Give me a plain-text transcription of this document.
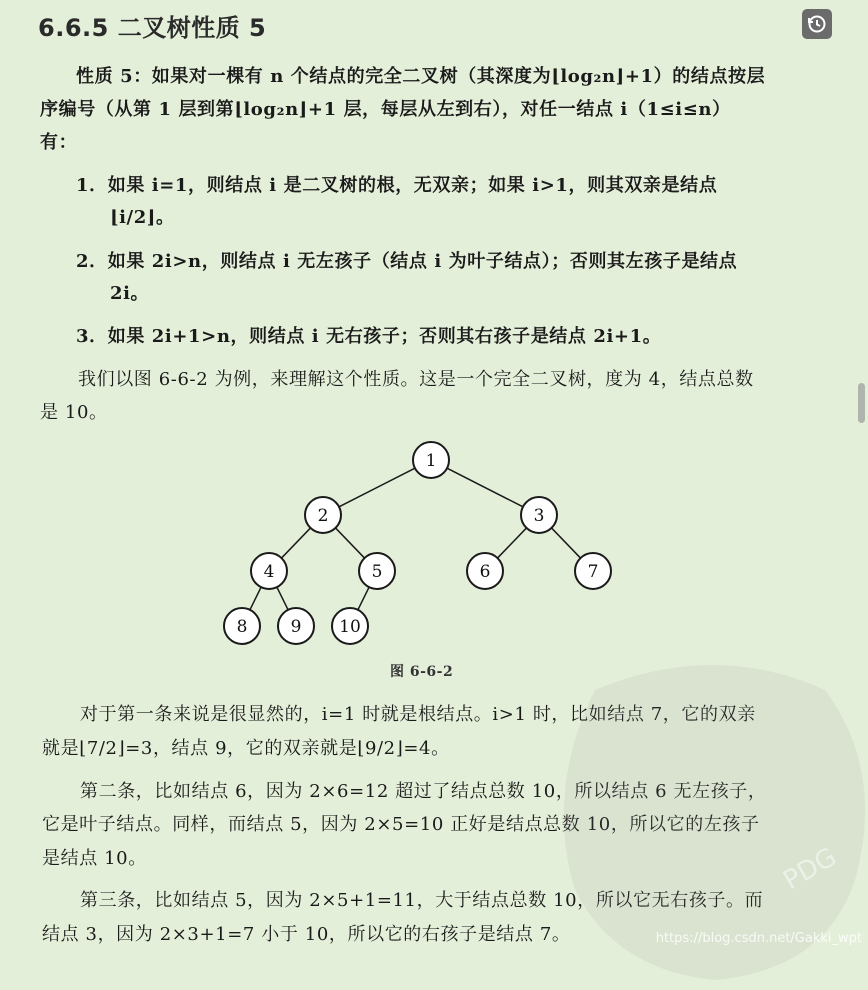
6.6.5 二叉树性质 5
性质 5：如果对一棵有 n 个结点的完全二叉树（其深度为⌊log₂n⌋+1）的结点按层
序编号（从第 1 层到第⌊log₂n⌋+1 层，每层从左到右），对任一结点 i（1≤i≤n）
有：
1．如果 i=1，则结点 i 是二叉树的根，无双亲；如果 i>1，则其双亲是结点
⌊i/2⌋。
2．如果 2i>n，则结点 i 无左孩子（结点 i 为叶子结点）；否则其左孩子是结点
2i。
3．如果 2i+1>n，则结点 i 无右孩子；否则其右孩子是结点 2i+1。
我们以图 6-6-2 为例，来理解这个性质。这是一个完全二叉树，度为 4，结点总数
是 10。
1
2	3
4	5	6	7
8	9 10
图 6-6-2
对于第一条来说是很显然的，i=1 时就是根结点。i>1 时，比如结点 7，它的双亲
就是⌊7/2⌋=3，结点 9，它的双亲就是⌊9/2⌋=4。
第二条，比如结点 6，因为 2×6=12 超过了结点总数 10，所以结点 6 无左孩子，
它是叶子结点。同样，而结点 5，因为 2×5=10 正好是结点总数 10，所以它的左孩子
是结点 10。
第三条，比如结点 5，因为 2×5+1=11，大于结点总数 10，所以它无右孩子。而
结点 3，因为 2×3+1=7 小于 10，所以它的右孩子是结点 7。
PDG
https://blog.csdn.net/Gakki_wpt
